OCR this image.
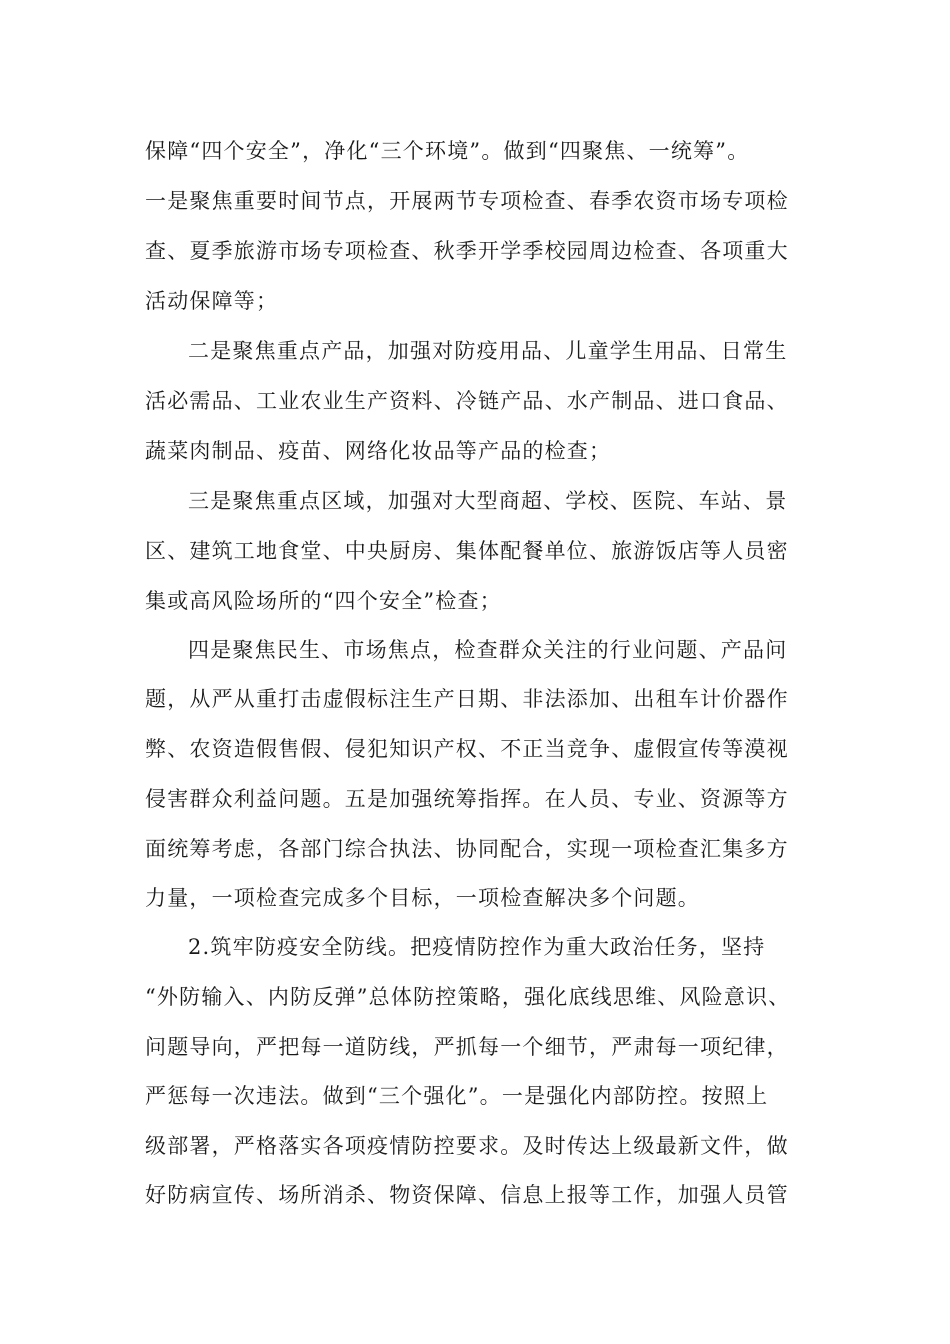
保障“四个安全”，净化“三个环境”。做到“四聚焦、一统筹”。
一是聚焦重要时间节点，开展两节专项检查、春季农资市场专项检
查、夏季旅游市场专项检查、秋季开学季校园周边检查、各项重大
活动保障等；
二是聚焦重点产品，加强对防疫用品、儿童学生用品、日常生
活必需品、工业农业生产资料、冷链产品、水产制品、进口食品、
蔬菜肉制品、疫苗、网络化妆品等产品的检查；
三是聚焦重点区域，加强对大型商超、学校、医院、车站、景
区、建筑工地食堂、中央厨房、集体配餐单位、旅游饭店等人员密
集或高风险场所的“四个安全”检查；
四是聚焦民生、市场焦点，检查群众关注的行业问题、产品问
题，从严从重打击虚假标注生产日期、非法添加、出租车计价器作
弊、农资造假售假、侵犯知识产权、不正当竞争、虚假宣传等漠视
侵害群众利益问题。五是加强统筹指挥。在人员、专业、资源等方
面统筹考虑，各部门综合执法、协同配合，实现一项检查汇集多方
力量，一项检查完成多个目标，一项检查解决多个问题。
2.筑牢防疫安全防线。把疫情防控作为重大政治任务，坚持
“外防输入、内防反弹”总体防控策略，强化底线思维、风险意识、
问题导向，严把每一道防线，严抓每一个细节，严肃每一项纪律，
严惩每一次违法。做到“三个强化”。一是强化内部防控。按照上
级部署，严格落实各项疫情防控要求。及时传达上级最新文件，做
好防病宣传、场所消杀、物资保障、信息上报等工作，加强人员管
